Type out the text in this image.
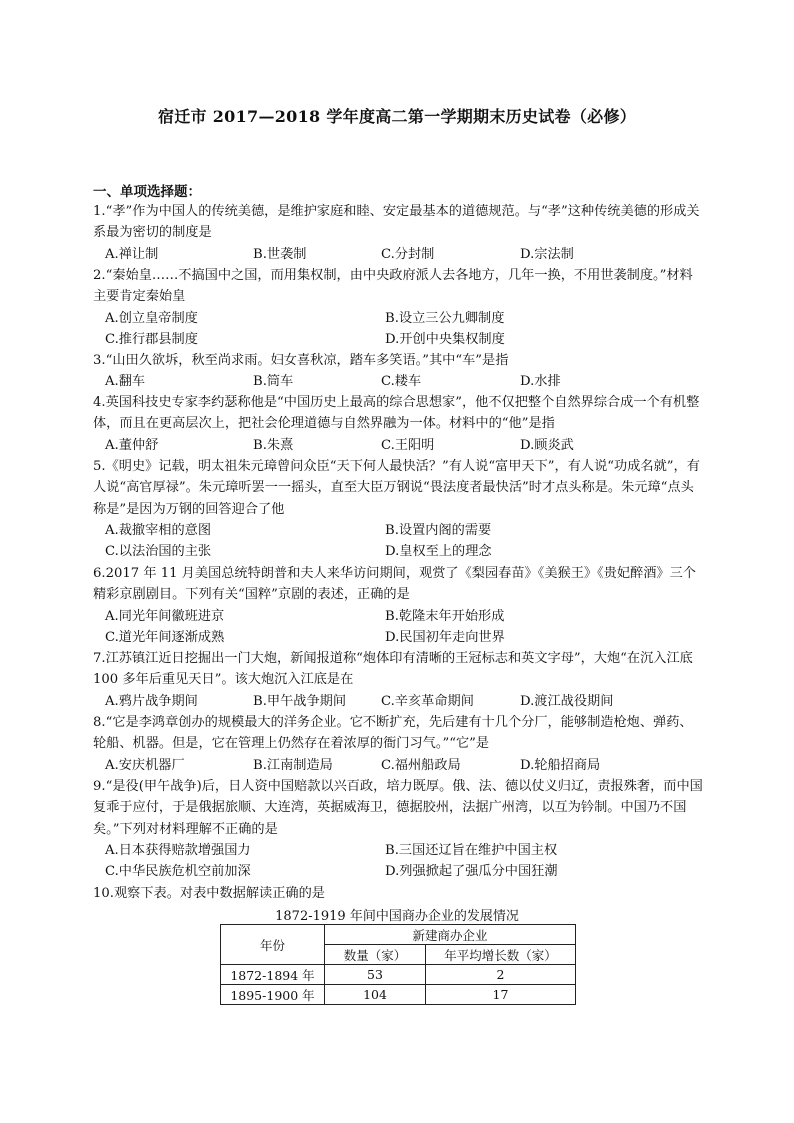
宿迁市 2017—2018 学年度高二第一学期期末历史试卷（必修）
一、单项选择题：
1.“孝”作为中国人的传统美德，是维护家庭和睦、安定最基本的道德规范。与“孝”这种传统美德的形成关系最为密切的制度是
A.禅让制	B.世袭制	C.分封制	D.宗法制
2.“秦始皇……不搞国中之国，而用集权制，由中央政府派人去各地方，几年一换，不用世袭制度。”材料主要肯定秦始皇
A.创立皇帝制度	B.设立三公九卿制度
C.推行郡县制度	D.开创中央集权制度
3.“山田久欲坼，秋至尚求雨。妇女喜秋凉，踏车多笑语。”其中“车”是指
A.翻车	B.筒车	C.耧车	D.水排
4.英国科技史专家李约瑟称他是“中国历史上最高的综合思想家”，他不仅把整个自然界综合成一个有机整体，而且在更高层次上，把社会伦理道德与自然界融为一体。材料中的“他”是指
A.董仲舒	B.朱熹	C.王阳明	D.顾炎武
5.《明史》记载，明太祖朱元璋曾问众臣“天下何人最快活？”有人说“富甲天下”，有人说“功成名就”，有人说“高官厚禄”。朱元璋听罢一一摇头，直至大臣万钢说“畏法度者最快活”时才点头称是。朱元璋“点头称是”是因为万钢的回答迎合了他
A.裁撤宰相的意图	B.设置内阁的需要
C.以法治国的主张	D.皇权至上的理念
6.2017 年 11 月美国总统特朗普和夫人来华访问期间，观赏了《梨园春苗》《美猴王》《贵妃醉酒》三个精彩京剧剧目。下列有关“国粹”京剧的表述，正确的是
A.同光年间徽班进京	B.乾隆末年开始形成
C.道光年间逐渐成熟	D.民国初年走向世界
7.江苏镇江近日挖掘出一门大炮，新闻报道称“炮体印有清晰的王冠标志和英文字母”，大炮“在沉入江底 100 多年后重见天日”。该大炮沉入江底是在
A.鸦片战争期间	B.甲午战争期间	C.辛亥革命期间	D.渡江战役期间
8.“它是李鸿章创办的规模最大的洋务企业。它不断扩充，先后建有十几个分厂，能够制造枪炮、弹药、轮船、机器。但是，它在管理上仍然存在着浓厚的衙门习气。”“它”是
A.安庆机器厂	B.江南制造局	C.福州船政局	D.轮船招商局
9.“是役(甲午战争)后，日人资中国赔款以兴百政，培力既厚。俄、法、德以仗义归辽，责报殊奢，而中国复乖于应付，于是俄据旅顺、大连湾，英据威海卫，德据胶州，法据广州湾，以互为钤制。中国乃不国矣。”下列对材料理解不正确的是
A.日本获得赔款增强国力	B.三国还辽旨在维护中国主权
C.中华民族危机空前加深	D.列强掀起了强瓜分中国狂潮
10.观察下表。对表中数据解读正确的是
1872-1919 年间中国商办企业的发展情况
年份	新建商办企业	
	数量（家）	年平均增长数（家）
1872-1894 年	53	2
1895-1900 年	104	17
